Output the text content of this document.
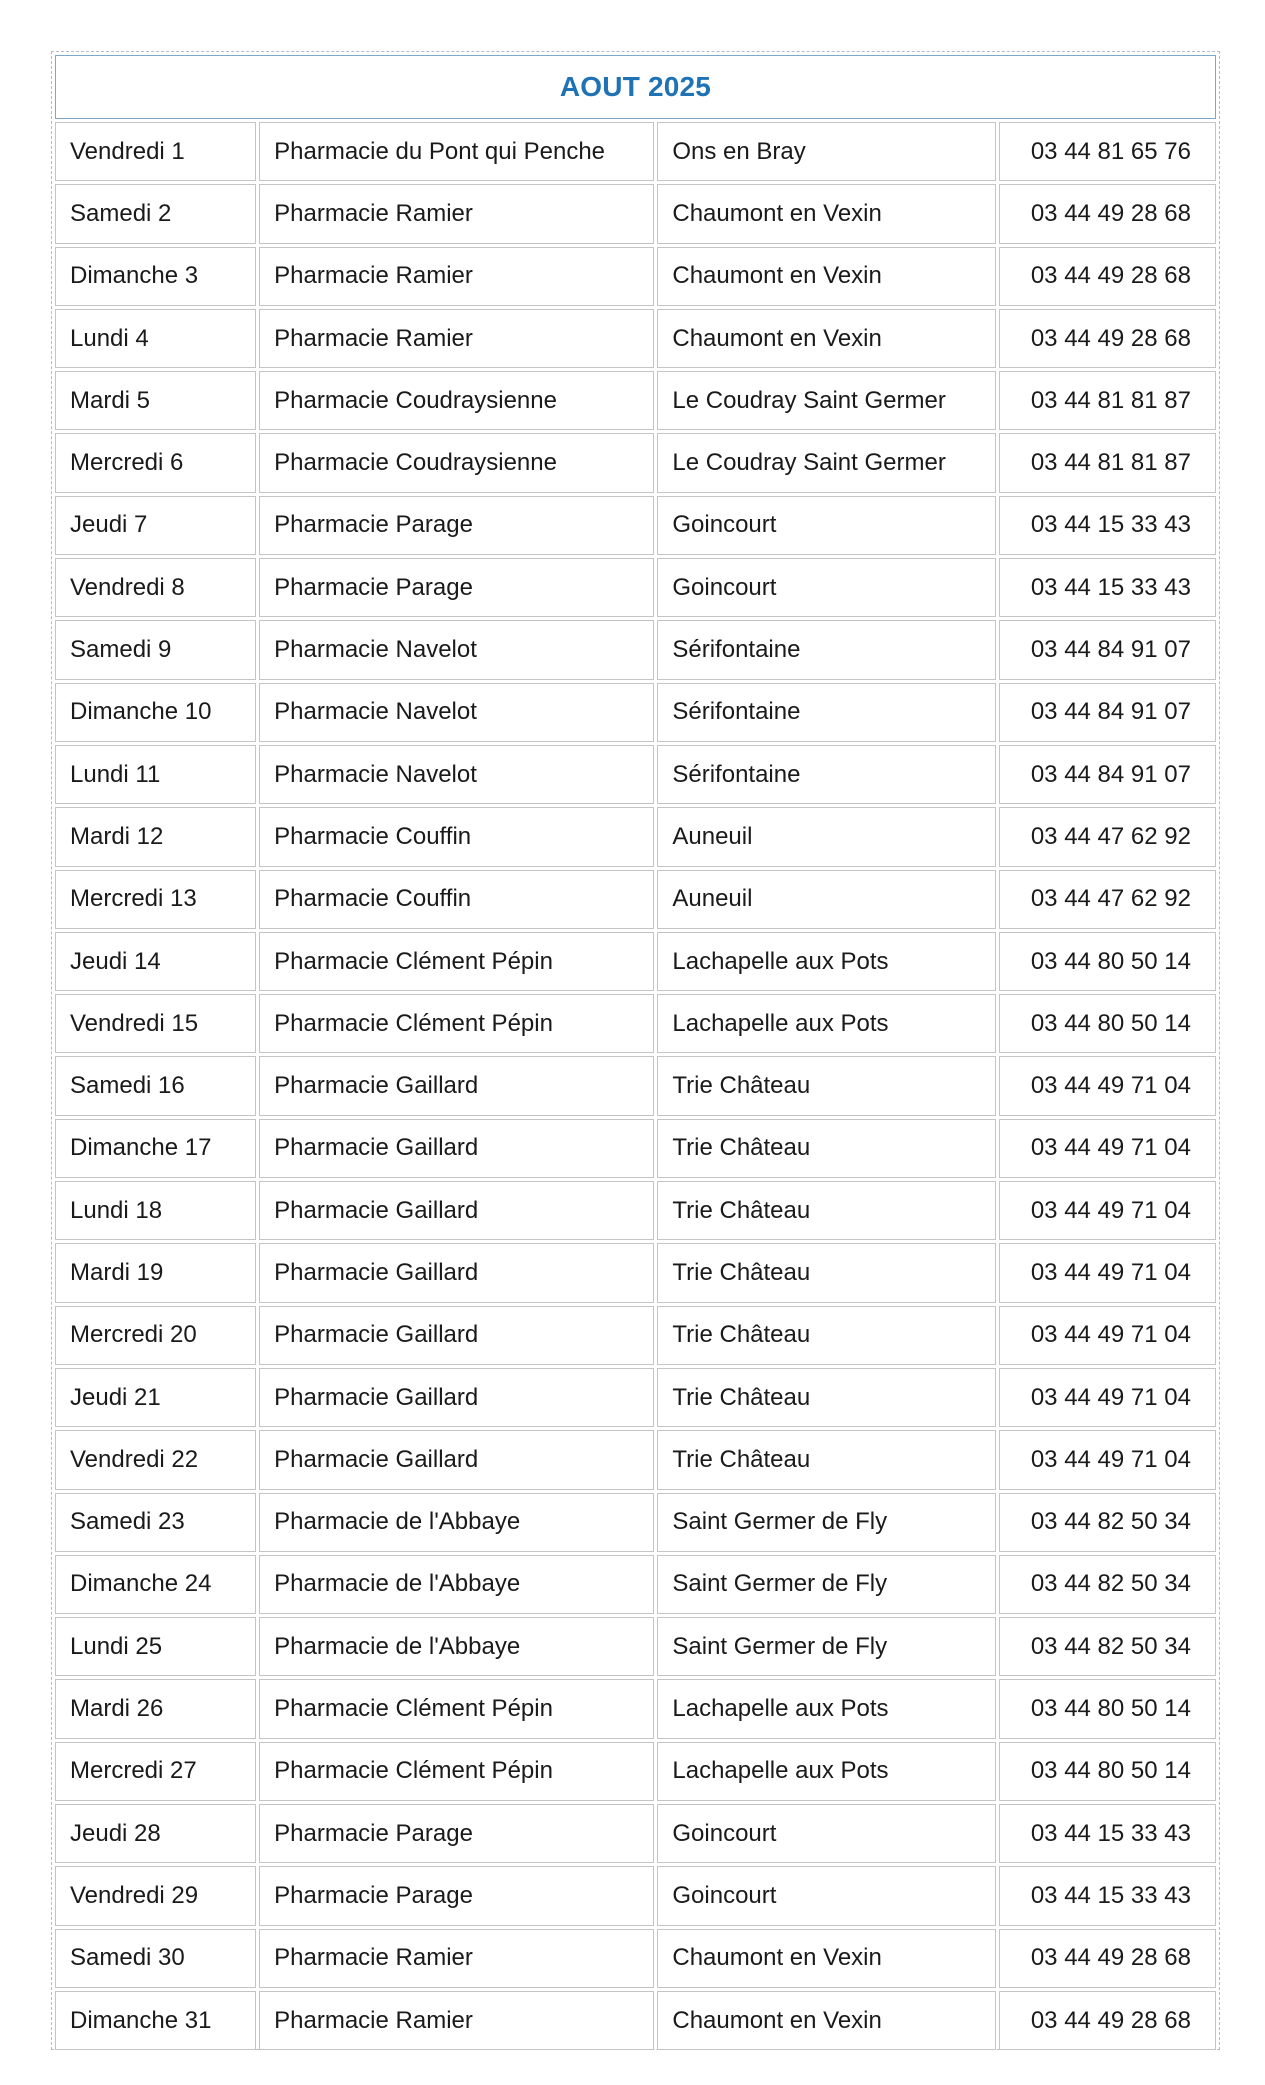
AOUT 2025
Vendredi 1	Pharmacie du Pont qui Penche	Ons en Bray	03 44 81 65 76
Samedi 2	Pharmacie Ramier	Chaumont en Vexin	03 44 49 28 68
Dimanche 3	Pharmacie Ramier	Chaumont en Vexin	03 44 49 28 68
Lundi 4	Pharmacie Ramier	Chaumont en Vexin	03 44 49 28 68
Mardi 5	Pharmacie Coudraysienne	Le Coudray Saint Germer	03 44 81 81 87
Mercredi 6	Pharmacie Coudraysienne	Le Coudray Saint Germer	03 44 81 81 87
Jeudi 7	Pharmacie Parage	Goincourt	03 44 15 33 43
Vendredi 8	Pharmacie Parage	Goincourt	03 44 15 33 43
Samedi 9	Pharmacie Navelot	Sérifontaine	03 44 84 91 07
Dimanche 10	Pharmacie Navelot	Sérifontaine	03 44 84 91 07
Lundi 11	Pharmacie Navelot	Sérifontaine	03 44 84 91 07
Mardi 12	Pharmacie Couffin	Auneuil	03 44 47 62 92
Mercredi 13	Pharmacie Couffin	Auneuil	03 44 47 62 92
Jeudi 14	Pharmacie Clément Pépin	Lachapelle aux Pots	03 44 80 50 14
Vendredi 15	Pharmacie Clément Pépin	Lachapelle aux Pots	03 44 80 50 14
Samedi 16	Pharmacie Gaillard	Trie Château	03 44 49 71 04
Dimanche 17	Pharmacie Gaillard	Trie Château	03 44 49 71 04
Lundi 18	Pharmacie Gaillard	Trie Château	03 44 49 71 04
Mardi 19	Pharmacie Gaillard	Trie Château	03 44 49 71 04
Mercredi 20	Pharmacie Gaillard	Trie Château	03 44 49 71 04
Jeudi 21	Pharmacie Gaillard	Trie Château	03 44 49 71 04
Vendredi 22	Pharmacie Gaillard	Trie Château	03 44 49 71 04
Samedi 23	Pharmacie de l'Abbaye	Saint Germer de Fly	03 44 82 50 34
Dimanche 24	Pharmacie de l'Abbaye	Saint Germer de Fly	03 44 82 50 34
Lundi 25	Pharmacie de l'Abbaye	Saint Germer de Fly	03 44 82 50 34
Mardi 26	Pharmacie Clément Pépin	Lachapelle aux Pots	03 44 80 50 14
Mercredi 27	Pharmacie Clément Pépin	Lachapelle aux Pots	03 44 80 50 14
Jeudi 28	Pharmacie Parage	Goincourt	03 44 15 33 43
Vendredi 29	Pharmacie Parage	Goincourt	03 44 15 33 43
Samedi 30	Pharmacie Ramier	Chaumont en Vexin	03 44 49 28 68
Dimanche 31	Pharmacie Ramier	Chaumont en Vexin	03 44 49 28 68
